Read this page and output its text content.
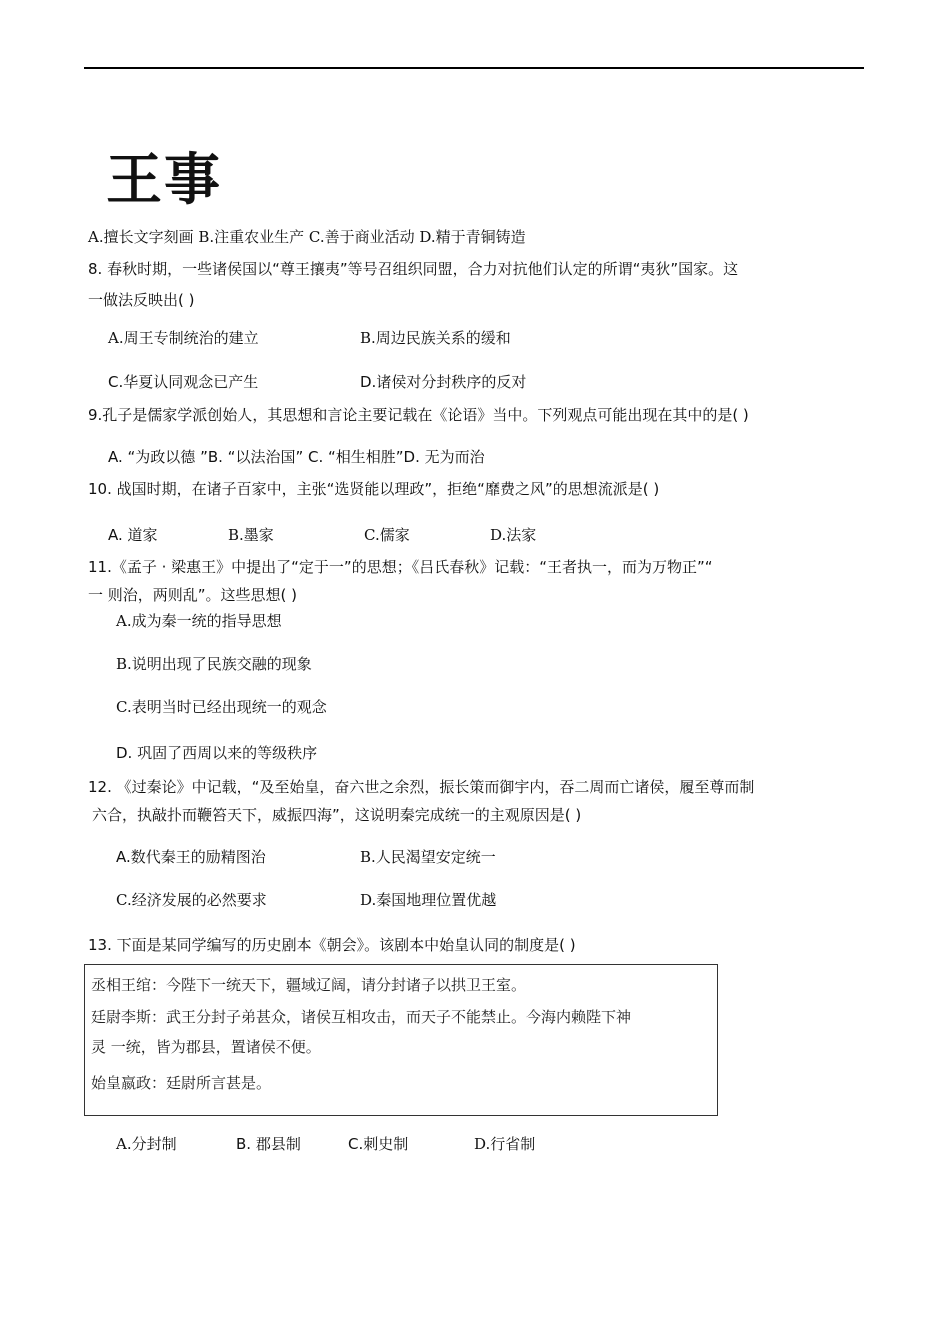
王事
A.擅长文字刻画 B.注重农业生产 C.善于商业活动 D.精于青铜铸造
8. 春秋时期，一些诸侯国以“尊王攘夷”等号召组织同盟，合力对抗他们认定的所谓“夷狄”国家。这
一做法反映出( )
A.周王专制统治的建立	B.周边民族关系的缓和
C.华夏认同观念已产生	D.诸侯对分封秩序的反对
9.孔子是儒家学派创始人，其思想和言论主要记载在《论语》当中。下列观点可能出现在其中的是( )
A. “为政以德 ”B. “以法治国” C. “相生相胜”D. 无为而治
10. 战国时期，在诸子百家中，主张“选贤能以理政”，拒绝“靡费之风”的思想流派是( )
A. 道家	B.墨家	C.儒家	D.法家
11.《孟子 · 梁惠王》中提出了“定于一”的思想；《吕氏春秋》记载：“王者执一，而为万物正”“
一 则治，两则乱”。这些思想( )
A.成为秦一统的指导思想
B.说明出现了民族交融的现象
C.表明当时已经出现统一的观念
D. 巩固了西周以来的等级秩序
12. 《过秦论》中记载，“及至始皇，奋六世之余烈，振长策而御宇内，吞二周而亡诸侯，履至尊而制
六合，执敲扑而鞭笞天下，威振四海”，这说明秦完成统一的主观原因是( )
A.数代秦王的励精图治	B.人民渴望安定统一
C.经济发展的必然要求	D.秦国地理位置优越
13. 下面是某同学编写的历史剧本《朝会》。该剧本中始皇认同的制度是( )
丞相王绾：今陛下一统天下，疆域辽阔，请分封诸子以拱卫王室。
廷尉李斯：武王分封子弟甚众，诸侯互相攻击，而天子不能禁止。今海内赖陛下神
灵 一统，皆为郡县，置诸侯不便。
始皇嬴政：廷尉所言甚是。
A.分封制	B. 郡县制	C.刺史制	D.行省制
